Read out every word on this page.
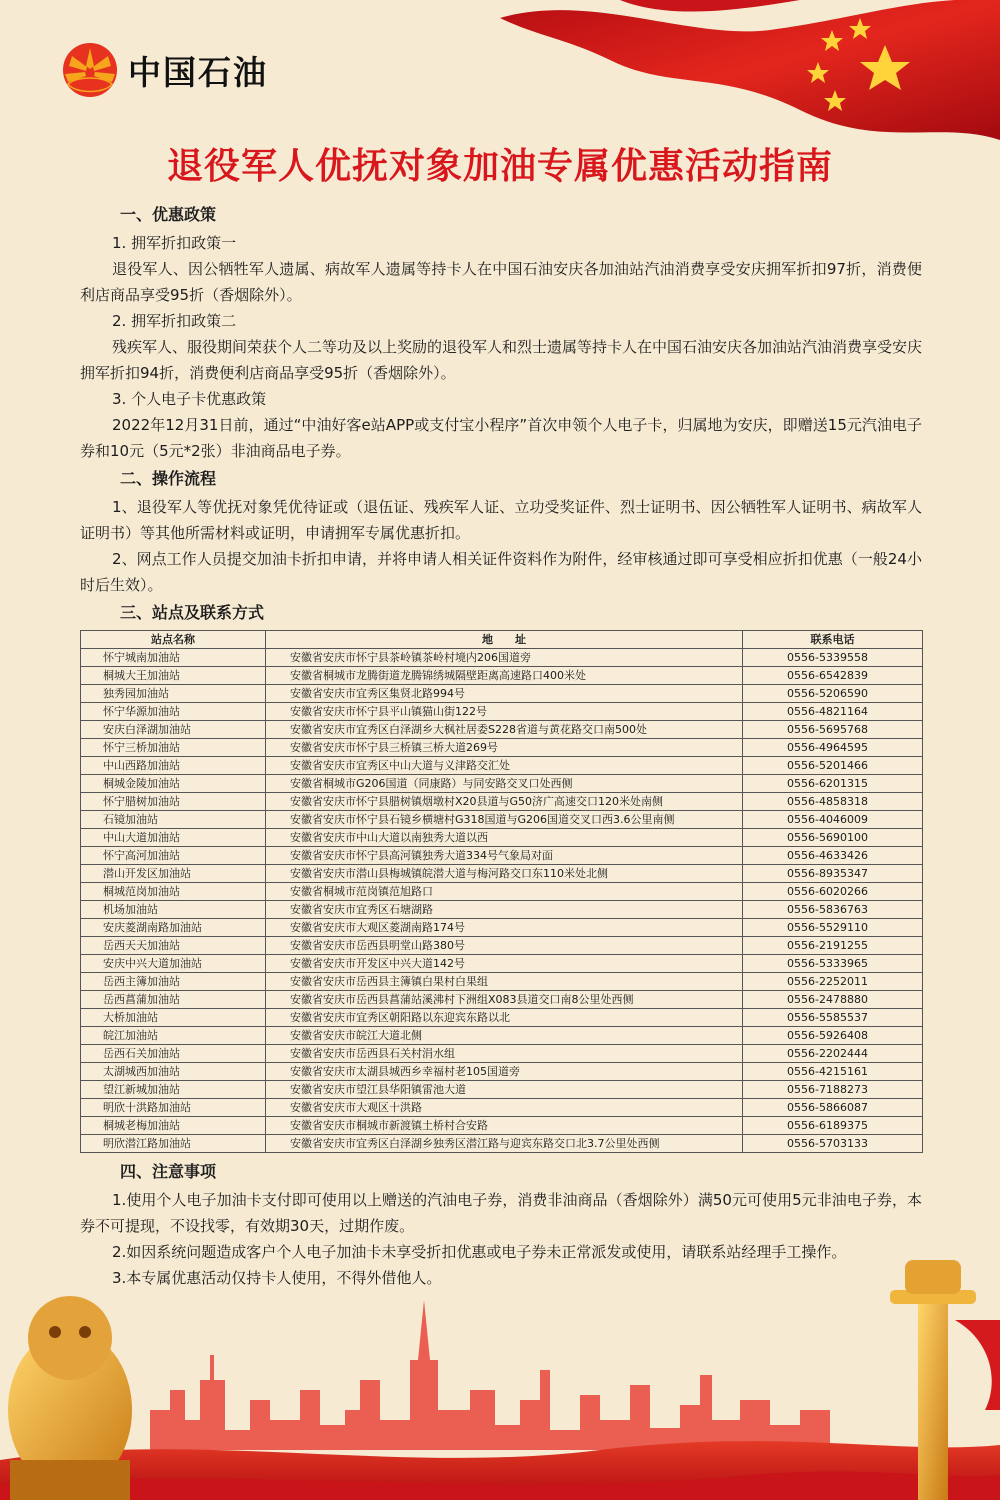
中国石油
退役军人优抚对象加油专属优惠活动指南
一、优惠政策
1. 拥军折扣政策一
退役军人、因公牺牲军人遗属、病故军人遗属等持卡人在中国石油安庆各加油站汽油消费享受安庆拥军折扣97折，消费便利店商品享受95折（香烟除外）。
2. 拥军折扣政策二
残疾军人、服役期间荣获个人二等功及以上奖励的退役军人和烈士遗属等持卡人在中国石油安庆各加油站汽油消费享受安庆拥军折扣94折，消费便利店商品享受95折（香烟除外）。
3. 个人电子卡优惠政策
2022年12月31日前，通过“中油好客e站APP或支付宝小程序”首次申领个人电子卡，归属地为安庆，即赠送15元汽油电子券和10元（5元*2张）非油商品电子券。
二、操作流程
1、退役军人等优抚对象凭优待证或（退伍证、残疾军人证、立功受奖证件、烈士证明书、因公牺牲军人证明书、病故军人证明书）等其他所需材料或证明，申请拥军专属优惠折扣。
2、网点工作人员提交加油卡折扣申请，并将申请人相关证件资料作为附件，经审核通过即可享受相应折扣优惠（一般24小时后生效）。
三、站点及联系方式
站点名称	地　　址	联系电话
怀宁城南加油站	安徽省安庆市怀宁县茶岭镇茶岭村境内206国道旁	0556-5339558
桐城大王加油站	安徽省桐城市龙腾街道龙腾锦绣城隔壁距离高速路口400米处	0556-6542839
独秀园加油站	安徽省安庆市宜秀区集贤北路994号	0556-5206590
怀宁华源加油站	安徽省安庆市怀宁县平山镇猫山街122号	0556-4821164
安庆白泽湖加油站	安徽省安庆市宜秀区白泽湖乡大枫社居委S228省道与黄花路交口南500处	0556-5695768
怀宁三桥加油站	安徽省安庆市怀宁县三桥镇三桥大道269号	0556-4964595
中山西路加油站	安徽省安庆市宜秀区中山大道与义津路交汇处	0556-5201466
桐城金陵加油站	安徽省桐城市G206国道（同康路）与同安路交叉口处西侧	0556-6201315
怀宁腊树加油站	安徽省安庆市怀宁县腊树镇烟墩村X20县道与G50济广高速交口120米处南侧	0556-4858318
石镜加油站	安徽省安庆市怀宁县石镜乡横塘村G318国道与G206国道交叉口西3.6公里南侧	0556-4046009
中山大道加油站	安徽省安庆市中山大道以南独秀大道以西	0556-5690100
怀宁高河加油站	安徽省安庆市怀宁县高河镇独秀大道334号气象局对面	0556-4633426
潜山开发区加油站	安徽省安庆市潜山县梅城镇皖潜大道与梅河路交口东110米处北侧	0556-8935347
桐城范岗加油站	安徽省桐城市范岗镇范旭路口	0556-6020266
机场加油站	安徽省安庆市宜秀区石塘湖路	0556-5836763
安庆菱湖南路加油站	安徽省安庆市大观区菱湖南路174号	0556-5529110
岳西天天加油站	安徽省安庆市岳西县明堂山路380号	0556-2191255
安庆中兴大道加油站	安徽省安庆市开发区中兴大道142号	0556-5333965
岳西主簿加油站	安徽省安庆市岳西县主簿镇白果村白果组	0556-2252011
岳西菖蒲加油站	安徽省安庆市岳西县菖蒲站溪沸村下洲组X083县道交口南8公里处西侧	0556-2478880
大桥加油站	安徽省安庆市宜秀区朝阳路以东迎宾东路以北	0556-5585537
皖江加油站	安徽省安庆市皖江大道北侧	0556-5926408
岳西石关加油站	安徽省安庆市岳西县石关村涓水组	0556-2202444
太湖城西加油站	安徽省安庆市太湖县城西乡幸福村老105国道旁	0556-4215161
望江新城加油站	安徽省安庆市望江县华阳镇雷池大道	0556-7188273
明欣十洪路加油站	安徽省安庆市大观区十洪路	0556-5866087
桐城老梅加油站	安徽省安庆市桐城市新渡镇土桥村合安路	0556-6189375
明欣潜江路加油站	安徽省安庆市宜秀区白泽湖乡独秀区潜江路与迎宾东路交口北3.7公里处西侧	0556-5703133
四、注意事项
1.使用个人电子加油卡支付即可使用以上赠送的汽油电子券，消费非油商品（香烟除外）满50元可使用5元非油电子券，本券不可提现，不设找零，有效期30天，过期作废。
2.如因系统问题造成客户个人电子加油卡未享受折扣优惠或电子券未正常派发或使用，请联系站经理手工操作。
3.本专属优惠活动仅持卡人使用，不得外借他人。
